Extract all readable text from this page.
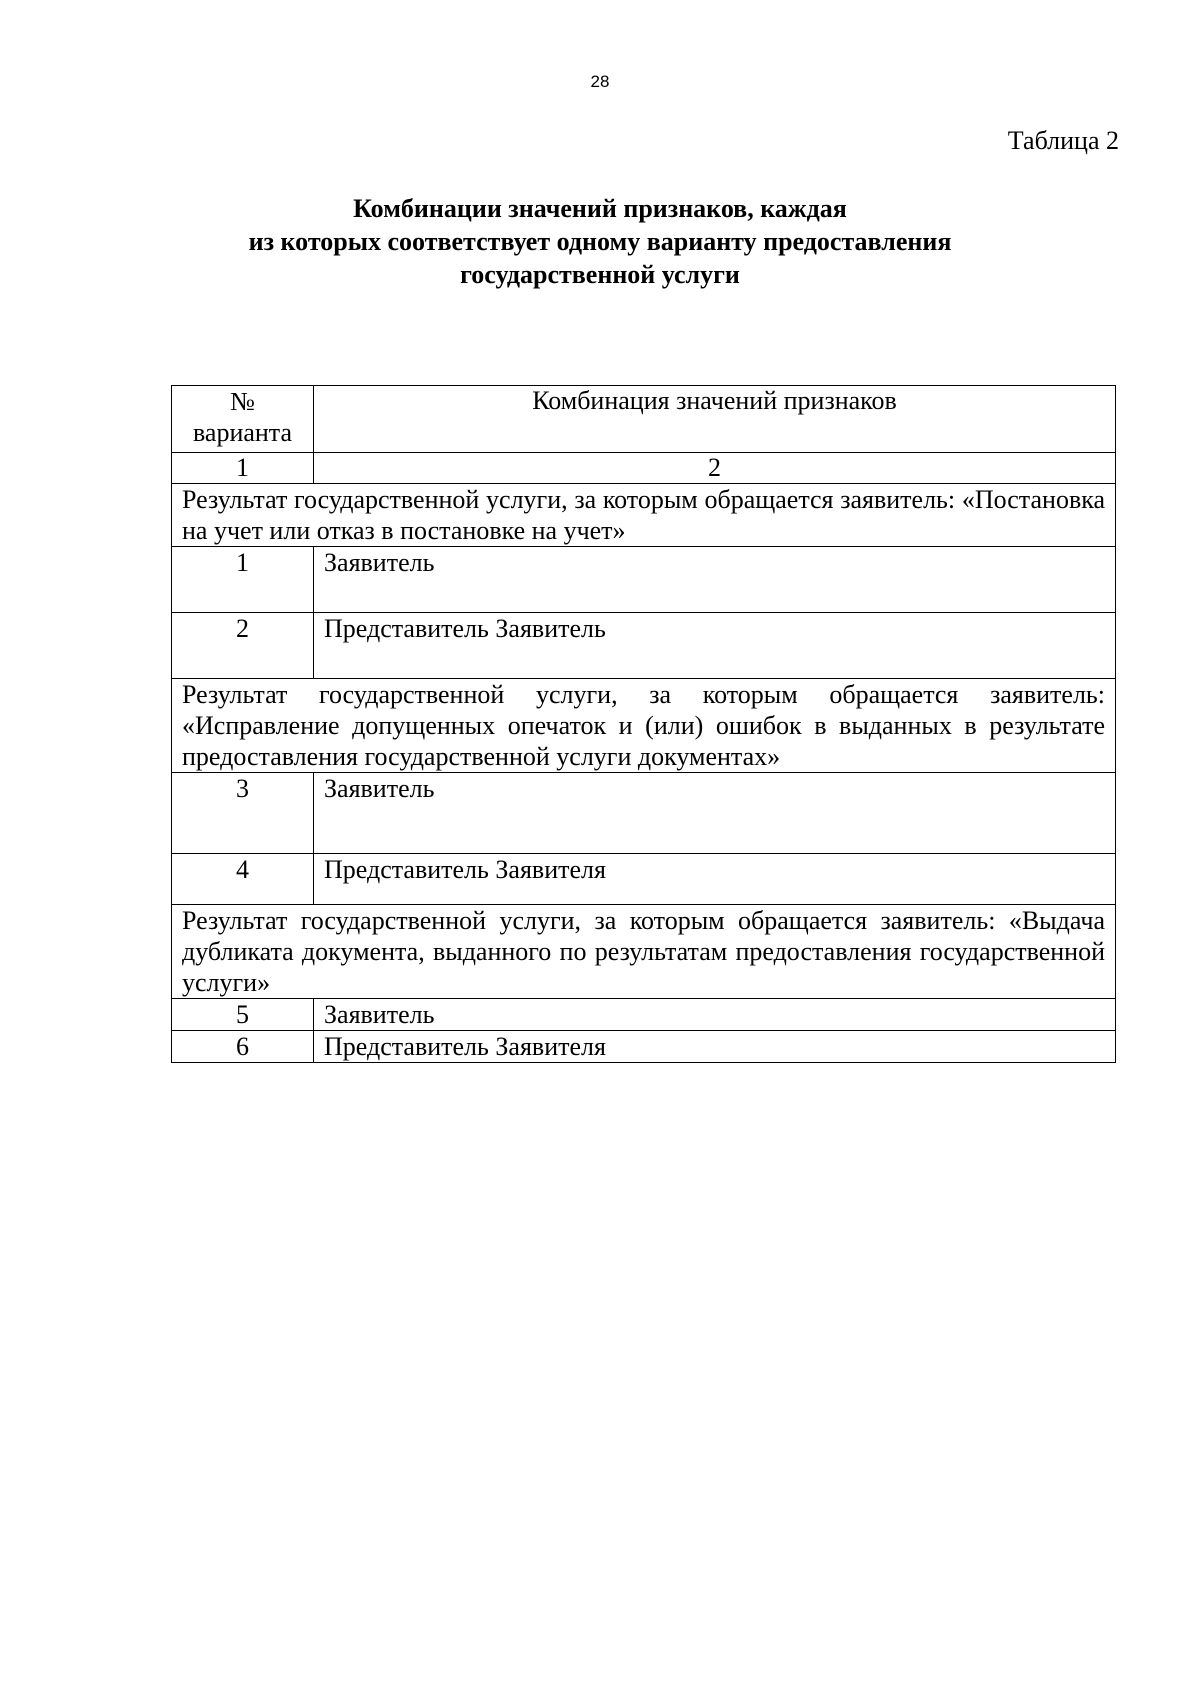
28
Таблица 2
Комбинации значений признаков, каждая
из которых соответствует одному варианту предоставления
государственной услуги
№
варианта	Комбинация значений признаков
1	2
Результат государственной услуги, за которым обращается заявитель: «Постановка на учет или отказ в постановке на учет»	
1	Заявитель
2	Представитель Заявитель
Результат государственной услуги, за которым обращается заявитель: «Исправление допущенных опечаток и (или) ошибок в выданных в результате предоставления государственной услуги документах»	
3	Заявитель
4	Представитель Заявителя
Результат государственной услуги, за которым обращается заявитель: «Выдача дубликата документа, выданного по результатам предоставления государственной услуги»	
5	Заявитель
6	Представитель Заявителя
